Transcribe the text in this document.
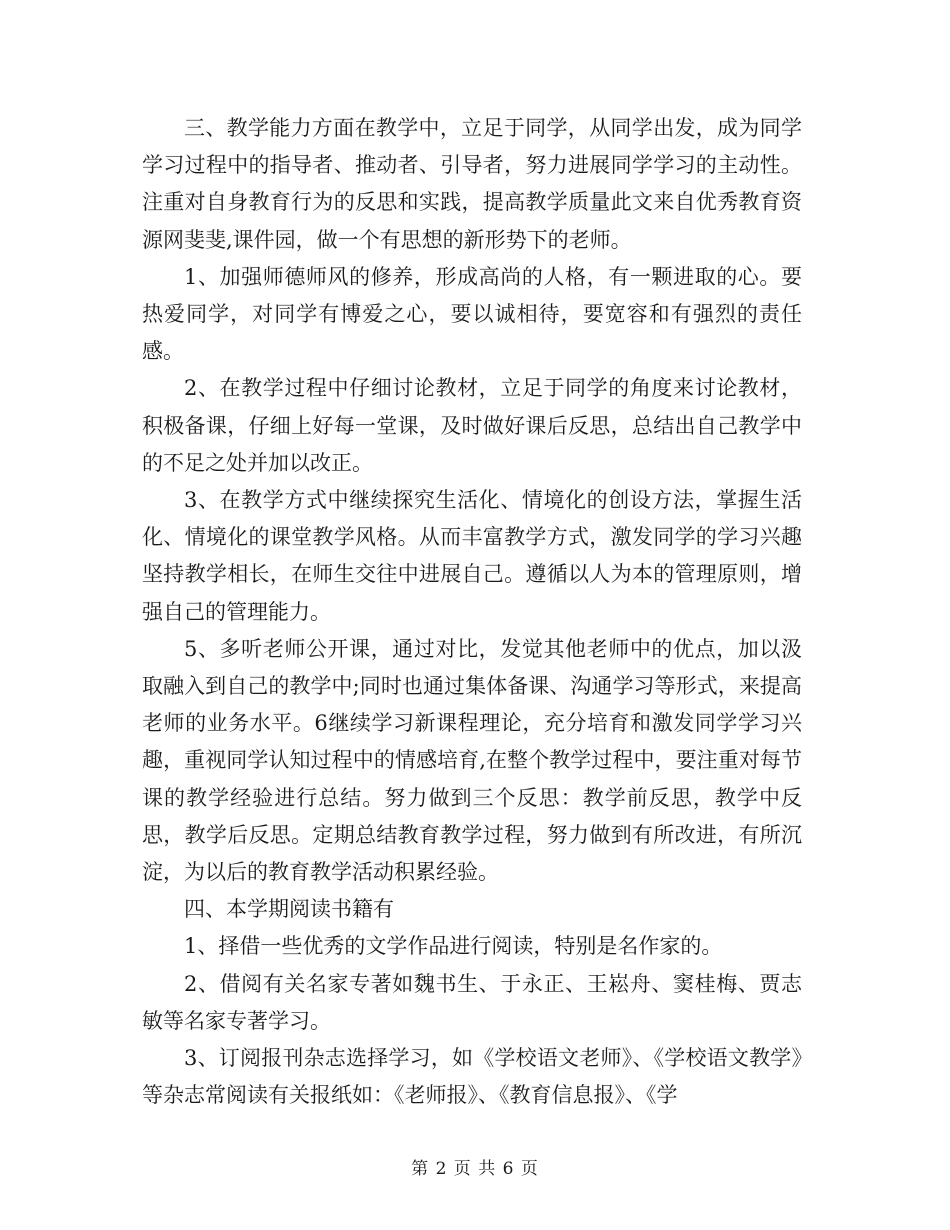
三、教学能力方面在教学中，立足于同学，从同学出发，成为同学学习过程中的指导者、推动者、引导者，努力进展同学学习的主动性。注重对自身教育行为的反思和实践，提高教学质量此文来自优秀教育资源网斐斐,课件园，做一个有思想的新形势下的老师。

1、加强师德师风的修养，形成高尚的人格，有一颗进取的心。要热爱同学，对同学有博爱之心，要以诚相待，要宽容和有强烈的责任感。

2、在教学过程中仔细讨论教材，立足于同学的角度来讨论教材，积极备课，仔细上好每一堂课，及时做好课后反思，总结出自己教学中的不足之处并加以改正。

3、在教学方式中继续探究生活化、情境化的创设方法，掌握生活化、情境化的课堂教学风格。从而丰富教学方式，激发同学的学习兴趣坚持教学相长，在师生交往中进展自己。遵循以人为本的管理原则，增强自己的管理能力。

5、多听老师公开课，通过对比，发觉其他老师中的优点，加以汲取融入到自己的教学中;同时也通过集体备课、沟通学习等形式，来提高老师的业务水平。6继续学习新课程理论，充分培育和激发同学学习兴趣，重视同学认知过程中的情感培育,在整个教学过程中，要注重对每节课的教学经验进行总结。努力做到三个反思：教学前反思，教学中反思，教学后反思。定期总结教育教学过程，努力做到有所改进，有所沉淀，为以后的教育教学活动积累经验。

四、本学期阅读书籍有

1、择借一些优秀的文学作品进行阅读，特别是名作家的。

2、借阅有关名家专著如魏书生、于永正、王崧舟、窦桂梅、贾志敏等名家专著学习。

3、订阅报刊杂志选择学习，如《学校语文老师》、《学校语文教学》等杂志常阅读有关报纸如：《老师报》、《教育信息报》、《学

第 2 页 共 6 页
